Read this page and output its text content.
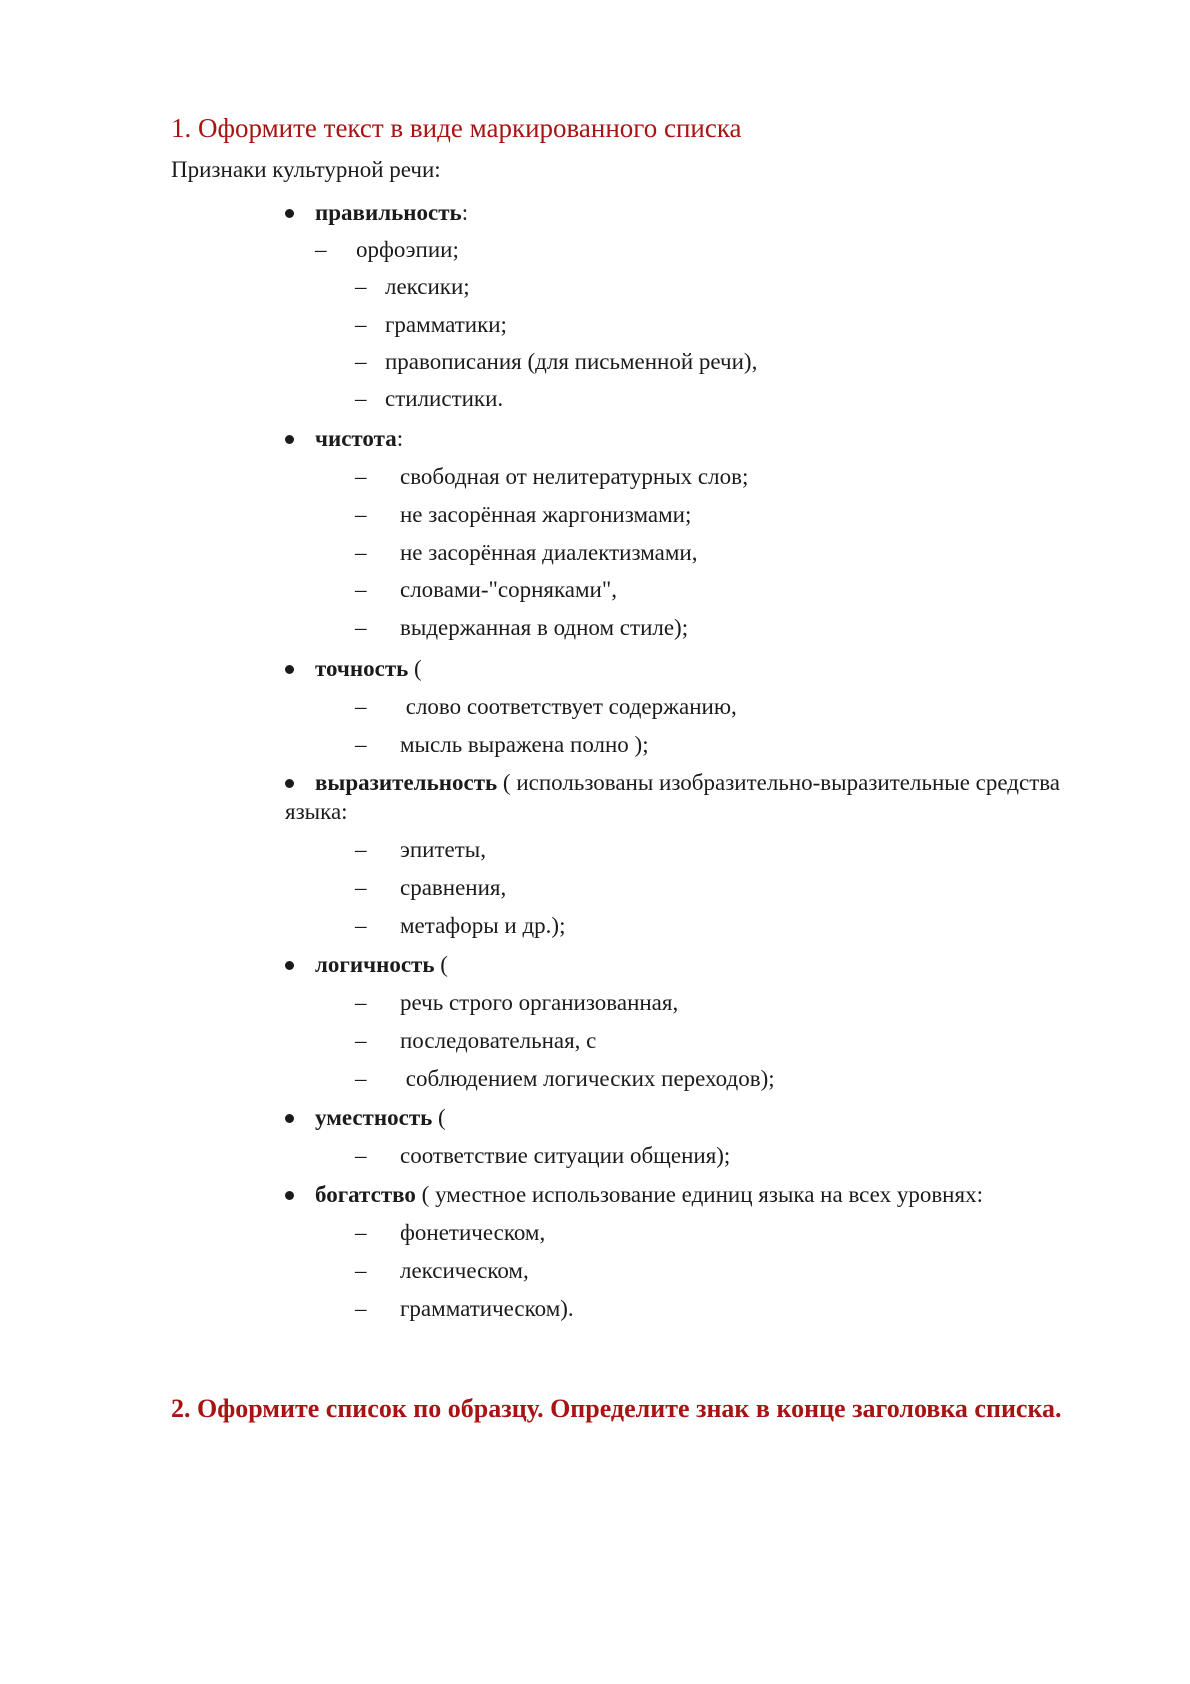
1. Оформите текст в виде маркированного списка
Признаки культурной речи:
правильность:
– орфоэпии;
– лексики;
– грамматики;
– правописания (для письменной речи),
– стилистики.
чистота:
– свободная от нелитературных слов;
– не засорённая жаргонизмами;
– не засорённая диалектизмами,
– словами-"сорняками",
– выдержанная в одном стиле);
точность (
– слово соответствует содержанию,
– мысль выражена полно );
выразительность ( использованы изобразительно-выразительные средства
языка:
– эпитеты,
– сравнения,
– метафоры и др.);
логичность (
– речь строго организованная,
– последовательная, с
– соблюдением логических переходов);
уместность (
– соответствие ситуации общения);
богатство ( уместное использование единиц языка на всех уровнях:
– фонетическом,
– лексическом,
– грамматическом).
2. Оформите список по образцу. Определите знак в конце заголовка списка.
